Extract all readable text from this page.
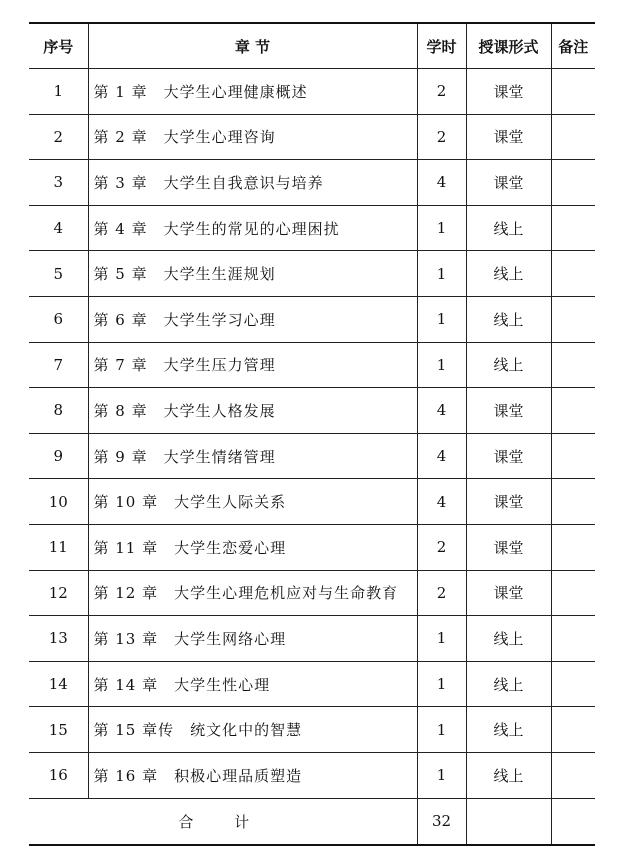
序号	章 节	学时	授课形式	备注
1	第 1 章　大学生心理健康概述	2	课堂	
2	第 2 章　大学生心理咨询	2	课堂	
3	第 3 章　大学生自我意识与培养	4	课堂	
4	第 4 章　大学生的常见的心理困扰	1	线上	
5	第 5 章　大学生生涯规划	1	线上	
6	第 6 章　大学生学习心理	1	线上	
7	第 7 章　大学生压力管理	1	线上	
8	第 8 章　大学生人格发展	4	课堂	
9	第 9 章　大学生情绪管理	4	课堂	
10	第 10 章　大学生人际关系	4	课堂	
11	第 11 章　大学生恋爱心理	2	课堂	
12	第 12 章　大学生心理危机应对与生命教育	2	课堂	
13	第 13 章　大学生网络心理	1	线上	
14	第 14 章　大学生性心理	1	线上	
15	第 15 章传　统文化中的智慧	1	线上	
16	第 16 章　积极心理品质塑造	1	线上	
合 计		32		
